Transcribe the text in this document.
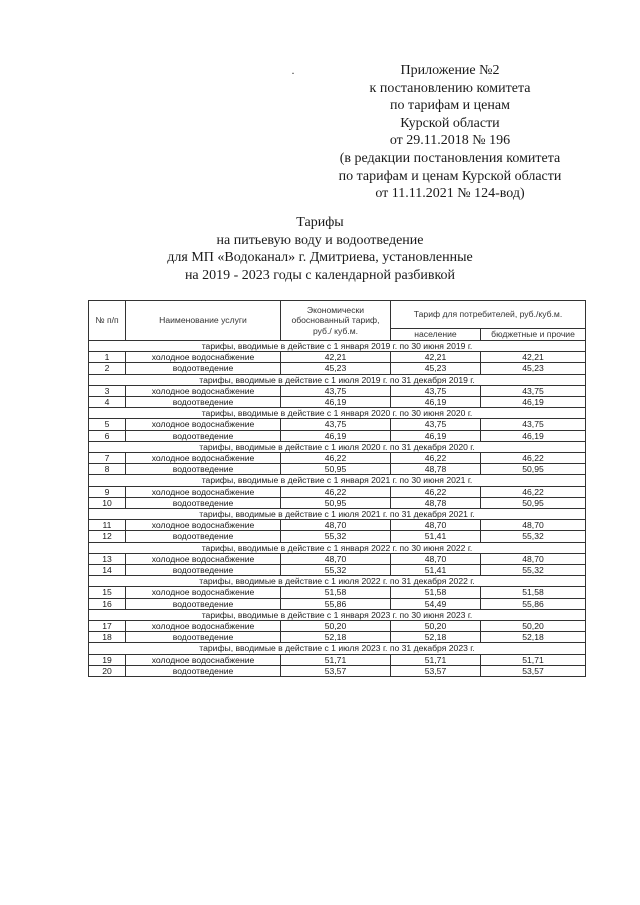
·	Приложение №2
к постановлению комитета
по тарифам и ценам
Курской области
от 29.11.2018 № 196
(в редакции постановления комитета
по тарифам и ценам Курской области
от 11.11.2021 № 124-вод)
Тарифы
на питьевую воду и водоотведение
для МП «Водоканал» г. Дмитриева, установленные
на 2019 - 2023 годы с календарной разбивкой
№ п/п	Наименование услуги	Экономически обоснованный тариф, руб./ куб.м.	Тариф для потребителей, руб./куб.м.	
			население	бюджетные и прочие
тарифы, вводимые в действие с 1 января 2019 г. по 30 июня 2019 г.				
1	холодное водоснабжение	42,21	42,21	42,21
2	водоотведение	45,23	45,23	45,23
тарифы, вводимые в действие с 1 июля 2019 г. по 31 декабря 2019 г.				
3	холодное водоснабжение	43,75	43,75	43,75
4	водоотведение	46,19	46,19	46,19
тарифы, вводимые в действие с 1 января 2020 г. по 30 июня 2020 г.				
5	холодное водоснабжение	43,75	43,75	43,75
6	водоотведение	46,19	46,19	46,19
тарифы, вводимые в действие с 1 июля 2020 г. по 31 декабря 2020 г.				
7	холодное водоснабжение	46,22	46,22	46,22
8	водоотведение	50,95	48,78	50,95
тарифы, вводимые в действие с 1 января 2021 г. по 30 июня 2021 г.				
9	холодное водоснабжение	46,22	46,22	46,22
10	водоотведение	50,95	48,78	50,95
тарифы, вводимые в действие с 1 июля 2021 г. по 31 декабря 2021 г.				
11	холодное водоснабжение	48,70	48,70	48,70
12	водоотведение	55,32	51,41	55,32
тарифы, вводимые в действие с 1 января 2022 г. по 30 июня 2022 г.				
13	холодное водоснабжение	48,70	48,70	48,70
14	водоотведение	55,32	51,41	55,32
тарифы, вводимые в действие с 1 июля 2022 г. по 31 декабря 2022 г.				
15	холодное водоснабжение	51,58	51,58	51,58
16	водоотведение	55,86	54,49	55,86
тарифы, вводимые в действие с 1 января 2023 г. по 30 июня 2023 г.				
17	холодное водоснабжение	50,20	50,20	50,20
18	водоотведение	52,18	52,18	52,18
тарифы, вводимые в действие с 1 июля 2023 г. по 31 декабря 2023 г.				
19	холодное водоснабжение	51,71	51,71	51,71
20	водоотведение	53,57	53,57	53,57
